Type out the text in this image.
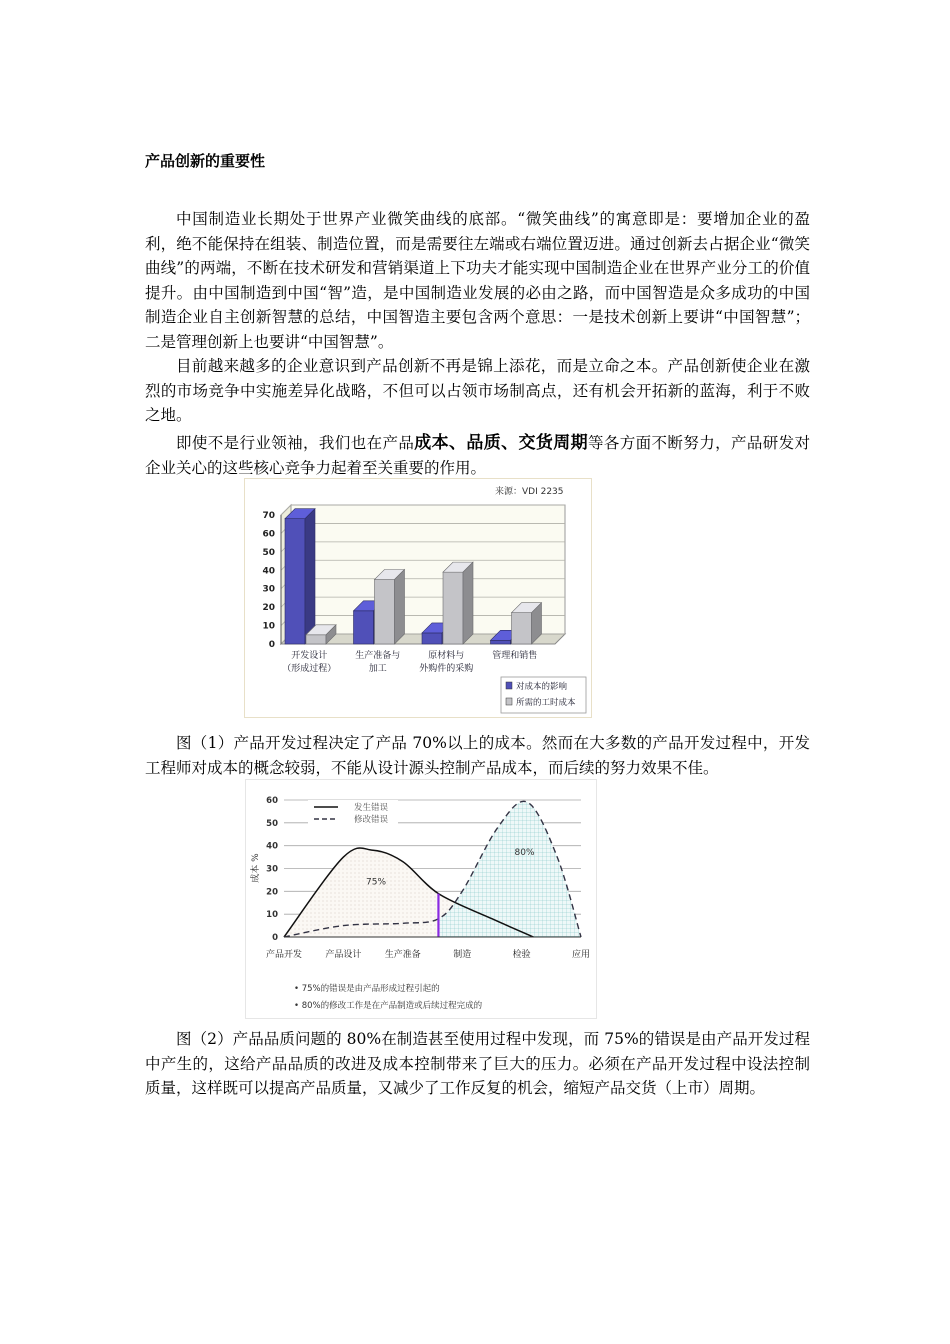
产品创新的重要性

中国制造业长期处于世界产业微笑曲线的底部。“微笑曲线”的寓意即是：要增加企业的盈利，绝不能保持在组装、制造位置，而是需要往左端或右端位置迈进。通过创新去占据企业“微笑曲线”的两端，不断在技术研发和营销渠道上下功夫才能实现中国制造企业在世界产业分工的价值提升。由中国制造到中国“智”造，是中国制造业发展的必由之路，而中国智造是众多成功的中国制造企业自主创新智慧的总结，中国智造主要包含两个意思：一是技术创新上要讲“中国智慧”；二是管理创新上也要讲“中国智慧”。

目前越来越多的企业意识到产品创新不再是锦上添花，而是立命之本。产品创新使企业在激烈的市场竞争中实施差异化战略，不但可以占领市场制高点，还有机会开拓新的蓝海，利于不败之地。

即使不是行业领袖，我们也在产品成本、品质、交货周期等各方面不断努力，产品研发对企业关心的这些核心竞争力起着至关重要的作用。

来源：VDI 2235
0
10
20
30
40
50
60
70
开发设计
（形成过程）
生产准备与
加工
原材料与
外购件的采购
管理和销售
对成本的影响
所需的工时成本

图（1）产品开发过程决定了产品 70%以上的成本。然而在大多数的产品开发过程中，开发工程师对成本的概念较弱，不能从设计源头控制产品成本，而后续的努力效果不佳。

0
10
20
30
40
50
60
成本 %	75%
80%
产品开发	产品设计	生产准备	制造	检验	应用
发生错误
修改错误
• 75%的错误是由产品形成过程引起的
• 80%的修改工作是在产品制造或后续过程完成的

图（2）产品品质问题的 80%在制造甚至使用过程中发现，而 75%的错误是由产品开发过程中产生的，这给产品品质的改进及成本控制带来了巨大的压力。必须在产品开发过程中设法控制质量，这样既可以提高产品质量，又减少了工作反复的机会，缩短产品交货（上市）周期。
